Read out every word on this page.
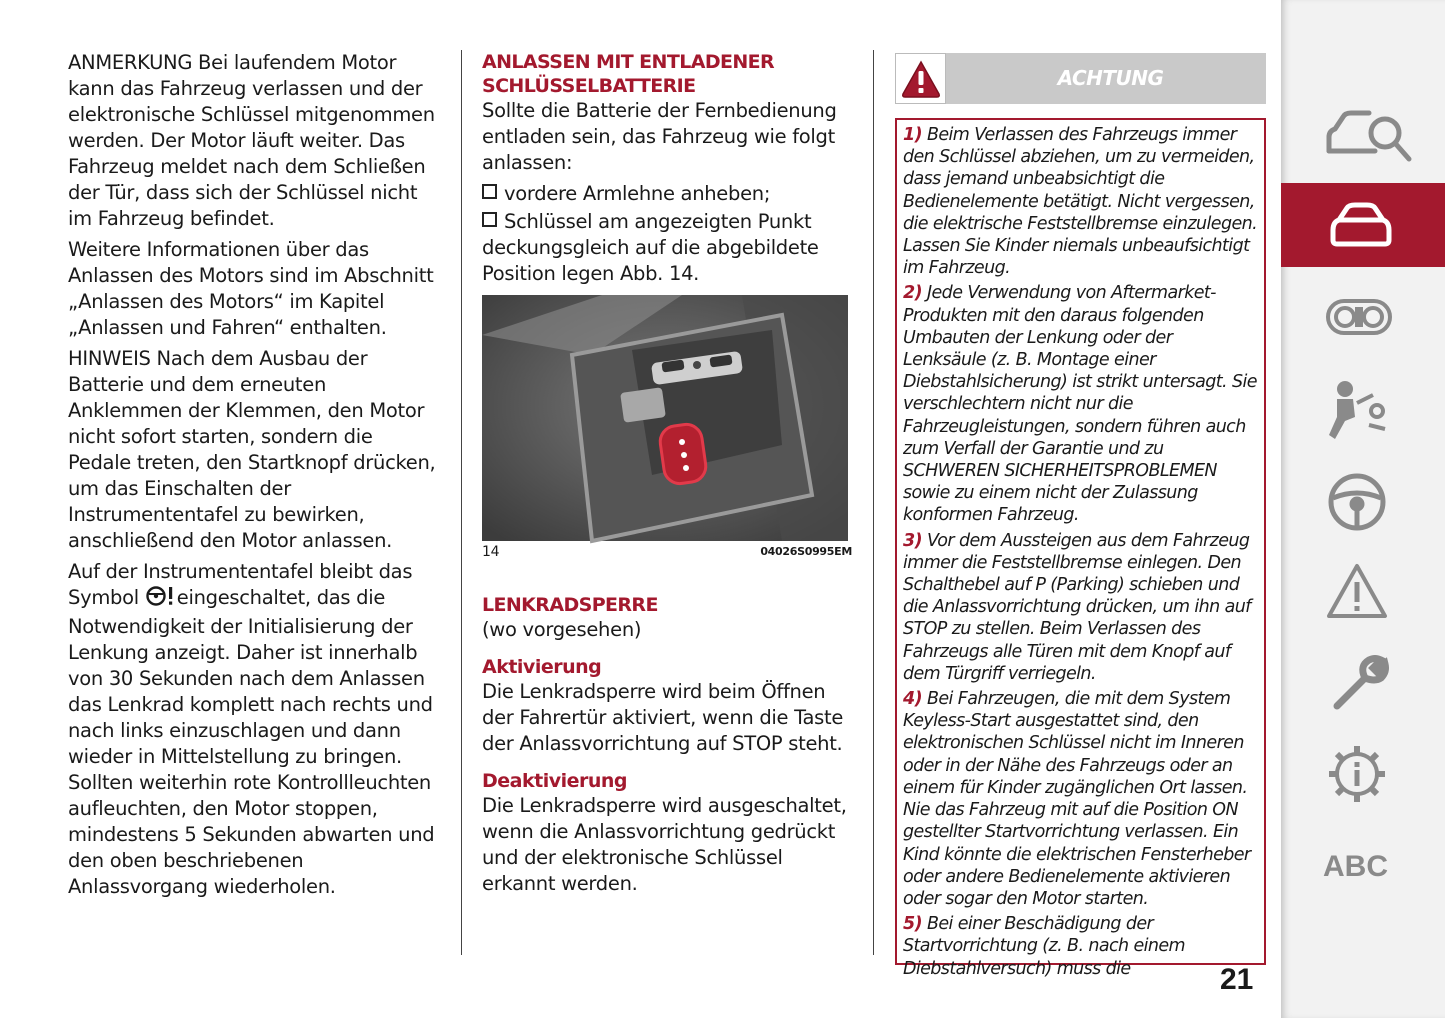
ANMERKUNG Bei laufendem Motor kann das Fahrzeug verlassen und der elektronische Schlüssel mitgenommen werden. Der Motor läuft weiter. Das Fahrzeug meldet nach dem Schließen der Tür, dass sich der Schlüssel nicht im Fahrzeug befindet.

Weitere Informationen über das Anlassen des Motors sind im Abschnitt „Anlassen des Motors“ im Kapitel „Anlassen und Fahren“ enthalten.

HINWEIS Nach dem Ausbau der Batterie und dem erneuten Anklemmen der Klemmen, den Motor nicht sofort starten, sondern die Pedale treten, den Startknopf drücken, um das Einschalten der Instrumententafel zu bewirken, anschließend den Motor anlassen.

Auf der Instrumententafel bleibt das Symbol eingeschaltet, das die Notwendigkeit der Initialisierung der Lenkung anzeigt. Daher ist innerhalb von 30 Sekunden nach dem Anlassen das Lenkrad komplett nach rechts und nach links einzuschlagen und dann wieder in Mittelstellung zu bringen. Sollten weiterhin rote Kontrollleuchten aufleuchten, den Motor stoppen, mindestens 5 Sekunden abwarten und den oben beschriebenen Anlassvorgang wiederholen.

ANLASSEN MIT ENTLADENER SCHLÜSSELBATTERIE

Sollte die Batterie der Fernbedienung entladen sein, das Fahrzeug wie folgt anlassen:

vordere Armlehne anheben;

Schlüssel am angezeigten Punkt deckungsgleich auf die abgebildete Position legen Abb. 14.

14	04026S0995EM
LENKRADSPERRE

(wo vorgesehen)

Aktivierung

Die Lenkradsperre wird beim Öffnen der Fahrertür aktiviert, wenn die Taste der Anlassvorrichtung auf STOP steht.

Deaktivierung

Die Lenkradsperre wird ausgeschaltet, wenn die Anlassvorrichtung gedrückt und der elektronische Schlüssel erkannt werden.

ACHTUNG

1) Beim Verlassen des Fahrzeugs immer den Schlüssel abziehen, um zu vermeiden, dass jemand unbeabsichtigt die Bedienelemente betätigt. Nicht vergessen, die elektrische Feststellbremse einzulegen. Lassen Sie Kinder niemals unbeaufsichtigt im Fahrzeug.

2) Jede Verwendung von Aftermarket-Produkten mit den daraus folgenden Umbauten der Lenkung oder der Lenksäule (z. B. Montage einer Diebstahlsicherung) ist strikt untersagt. Sie verschlechtern nicht nur die Fahrzeugleistungen, sondern führen auch zum Verfall der Garantie und zu SCHWEREN SICHERHEITSPROBLEMEN sowie zu einem nicht der Zulassung konformen Fahrzeug.

3) Vor dem Aussteigen aus dem Fahrzeug immer die Feststellbremse einlegen. Den Schalthebel auf P (Parking) schieben und die Anlassvorrichtung drücken, um ihn auf STOP zu stellen. Beim Verlassen des Fahrzeugs alle Türen mit dem Knopf auf dem Türgriff verriegeln.

4) Bei Fahrzeugen, die mit dem System Keyless-Start ausgestattet sind, den elektronischen Schlüssel nicht im Inneren oder in der Nähe des Fahrzeugs oder an einem für Kinder zugänglichen Ort lassen. Nie das Fahrzeug mit auf die Position ON gestellter Startvorrichtung verlassen. Ein Kind könnte die elektrischen Fensterheber oder andere Bedienelemente aktivieren oder sogar den Motor starten.

5) Bei einer Beschädigung der Startvorrichtung (z. B. nach einem Diebstahlversuch) muss die	21
ABC
